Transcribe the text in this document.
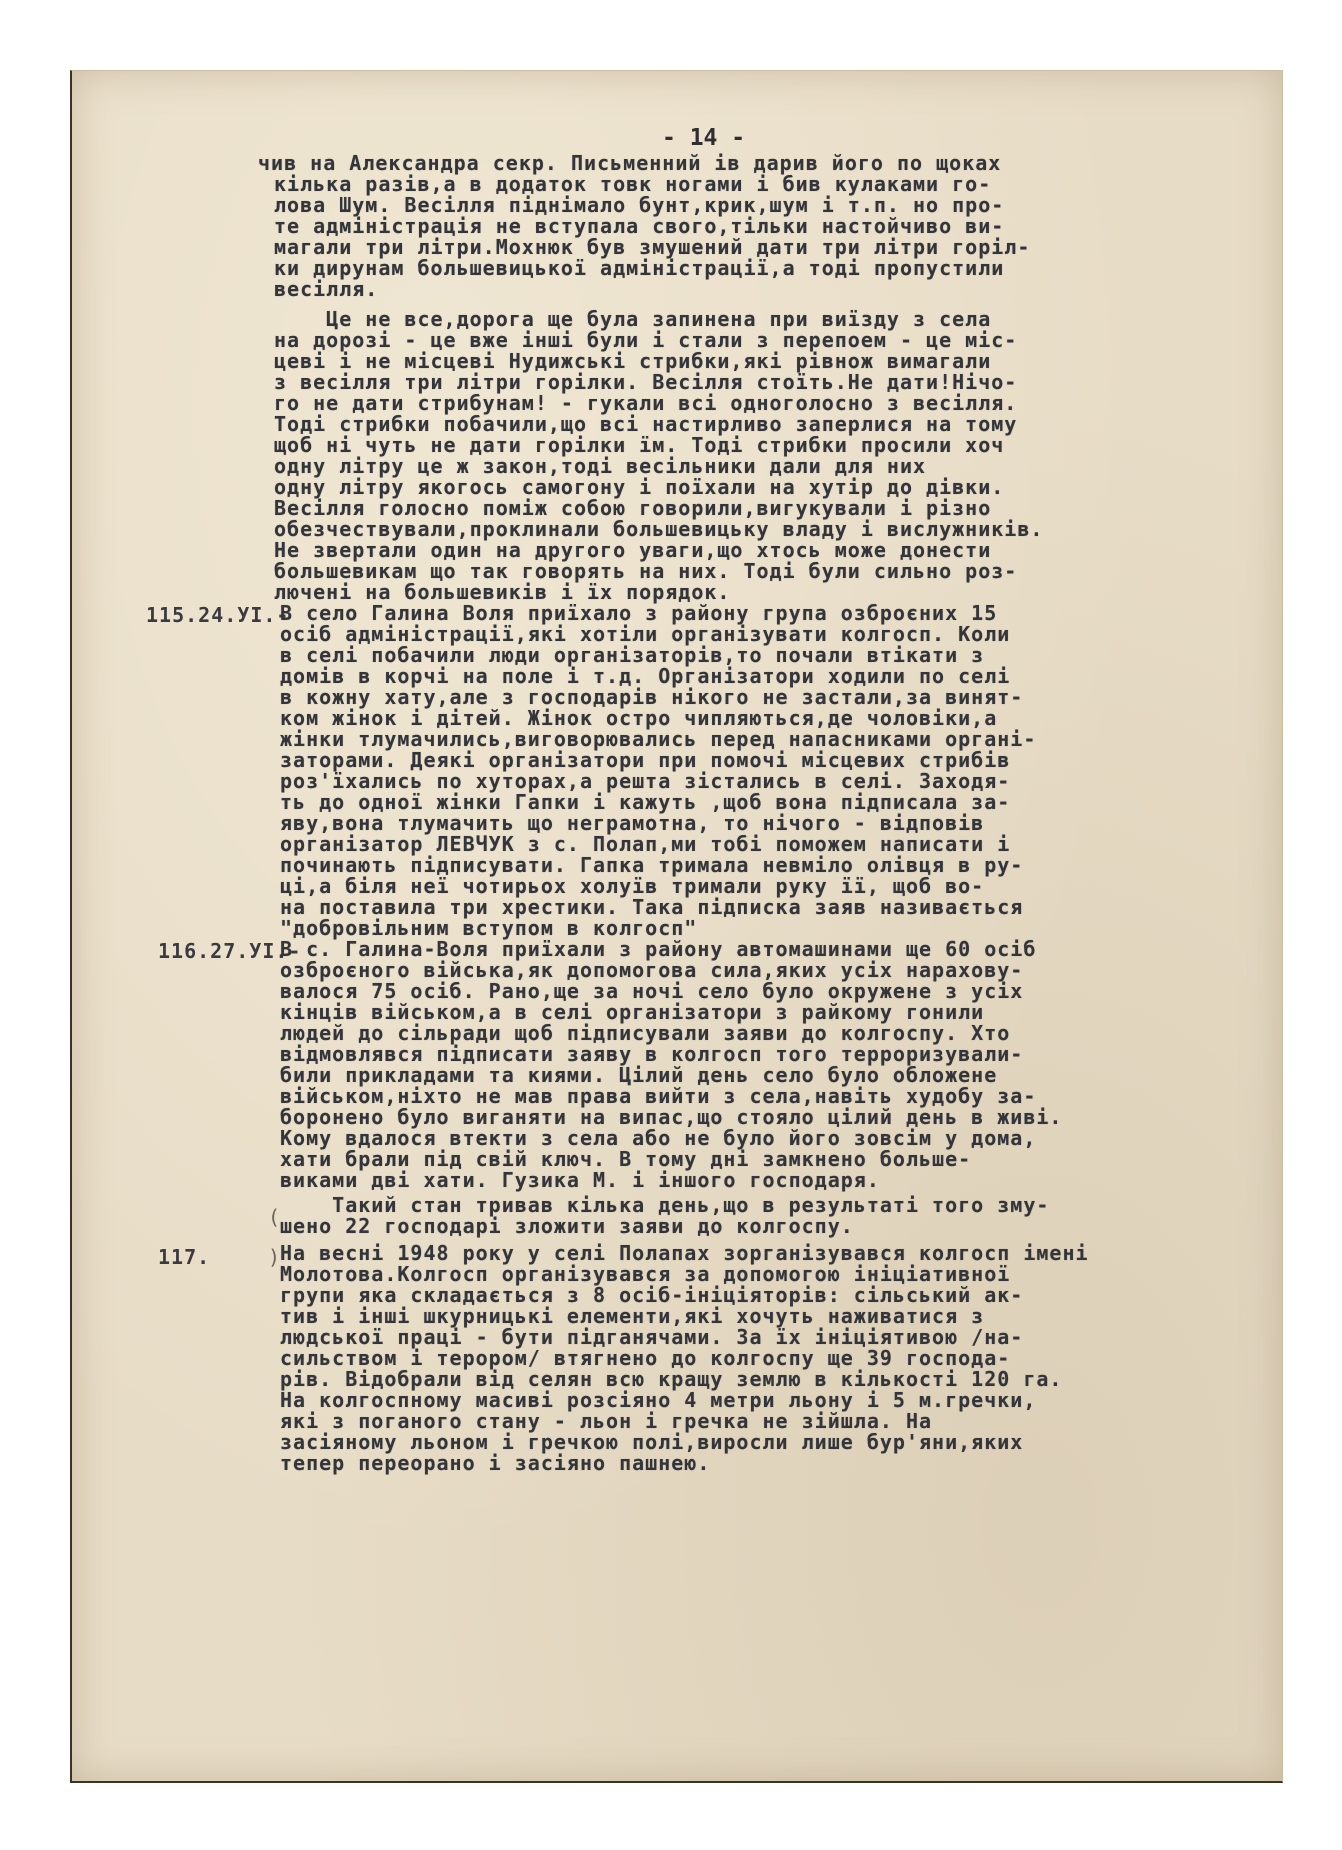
- 14 -
115.24.УІ.-
116.27.УІ.-
117.
(
)
чив на Александра секр. Письменний ів дарив його по щоках
кілька разів,а в додаток товк ногами і бив кулаками го-
лова Шум. Весілля піднімало бунт,крик,шум і т.п. но про-
те адміністрація не вступала свого,тільки настойчиво ви-
магали три літри.Мохнюк був змушений дати три літри горіл-
ки дирунам большевицької адміністрації,а тоді пропустили
весілля.
Це не все,дорога ще була запинена при виїзду з села
на дорозі - це вже інші були і стали з перепоем - це міс-
цеві і не місцеві Нудижські стрибки,які рівнож вимагали
з весілля три літри горілки. Весілля стоїть.Не дати!Нічо-
го не дати стрибунам! - гукали всі одноголосно з весілля.
Тоді стрибки побачили,що всі настирливо заперлися на тому
щоб ні чуть не дати горілки їм. Тоді стрибки просили хоч
одну літру це ж закон,тоді весільники дали для них
одну літру якогось самогону і поїхали на хутір до дівки.
Весілля голосно поміж собою говорили,вигукували і різно
обезчествували,проклинали большевицьку владу і вислужників.
Не звертали один на другого уваги,що хтось може донести
большевикам що так говорять на них. Тоді були сильно роз-
лючені на большевиків і їх порядок.
В село Галина Воля приїхало з району група озброєних 15
осіб адміністрації,які хотіли організувати колгосп. Коли
в селі побачили люди організаторів,то почали втікати з
домів в корчі на поле і т.д. Організатори ходили по селі
в кожну хату,але з господарів нікого не застали,за винят-
ком жінок і дітей. Жінок остро чипляються,де чоловіки,а
жінки тлумачились,виговорювались перед напасниками органі-
заторами. Деякі організатори при помочі місцевих стрибів
роз'їхались по хуторах,а решта зістались в селі. Заходя-
ть до одної жінки Гапки і кажуть ,щоб вона підписала за-
яву,вона тлумачить що неграмотна, то нічого - відповів
організатор ЛЕВЧУК з с. Полап,ми тобі поможем написати і
починають підписувати. Гапка тримала невміло олівця в ру-
ці,а біля неї чотирьох холуїв тримали руку її, щоб во-
на поставила три хрестики. Така підписка заяв називається
"добровільним вступом в колгосп"
В с. Галина-Воля приїхали з району автомашинами ще 60 осіб
озброєного війська,як допомогова сила,яких усіх нарахову-
валося 75 осіб. Рано,ще за ночі село було окружене з усіх
кінців військом,а в селі організатори з райкому гонили
людей до сільради щоб підписували заяви до колгоспу. Хто
відмовлявся підписати заяву в колгосп того терроризували-
били прикладами та киями. Цілий день село було обложене
військом,ніхто не мав права вийти з села,навіть худобу за-
боронено було виганяти на випас,що стояло цілий день в живі.
Кому вдалося втекти з села або не було його зовсім у дома,
хати брали під свій ключ. В тому дні замкнено больше-
виками дві хати. Гузика М. і іншого господаря.
Такий стан тривав кілька день,що в результаті того зму-
шено 22 господарі зложити заяви до колгоспу.
На весні 1948 року у селі Полапах зорганізувався колгосп імені
Молотова.Колгосп організувався за допомогою ініціативної
групи яка складається з 8 осіб-ініціяторів: сільський ак-
тив і інші шкурницькі елементи,які хочуть наживатися з
людської праці - бути підганячами. За їх ініціятивою /на-
сильством і терором/ втягнено до колгоспу ще 39 господа-
рів. Відобрали від селян всю кращу землю в кількості 120 га.
На колгоспному масиві розсіяно 4 метри льону і 5 м.гречки,
які з поганого стану - льон і гречка не зійшла. На
засіяному льоном і гречкою полі,виросли лише бур'яни,яких
тепер переорано і засіяно пашнею.
